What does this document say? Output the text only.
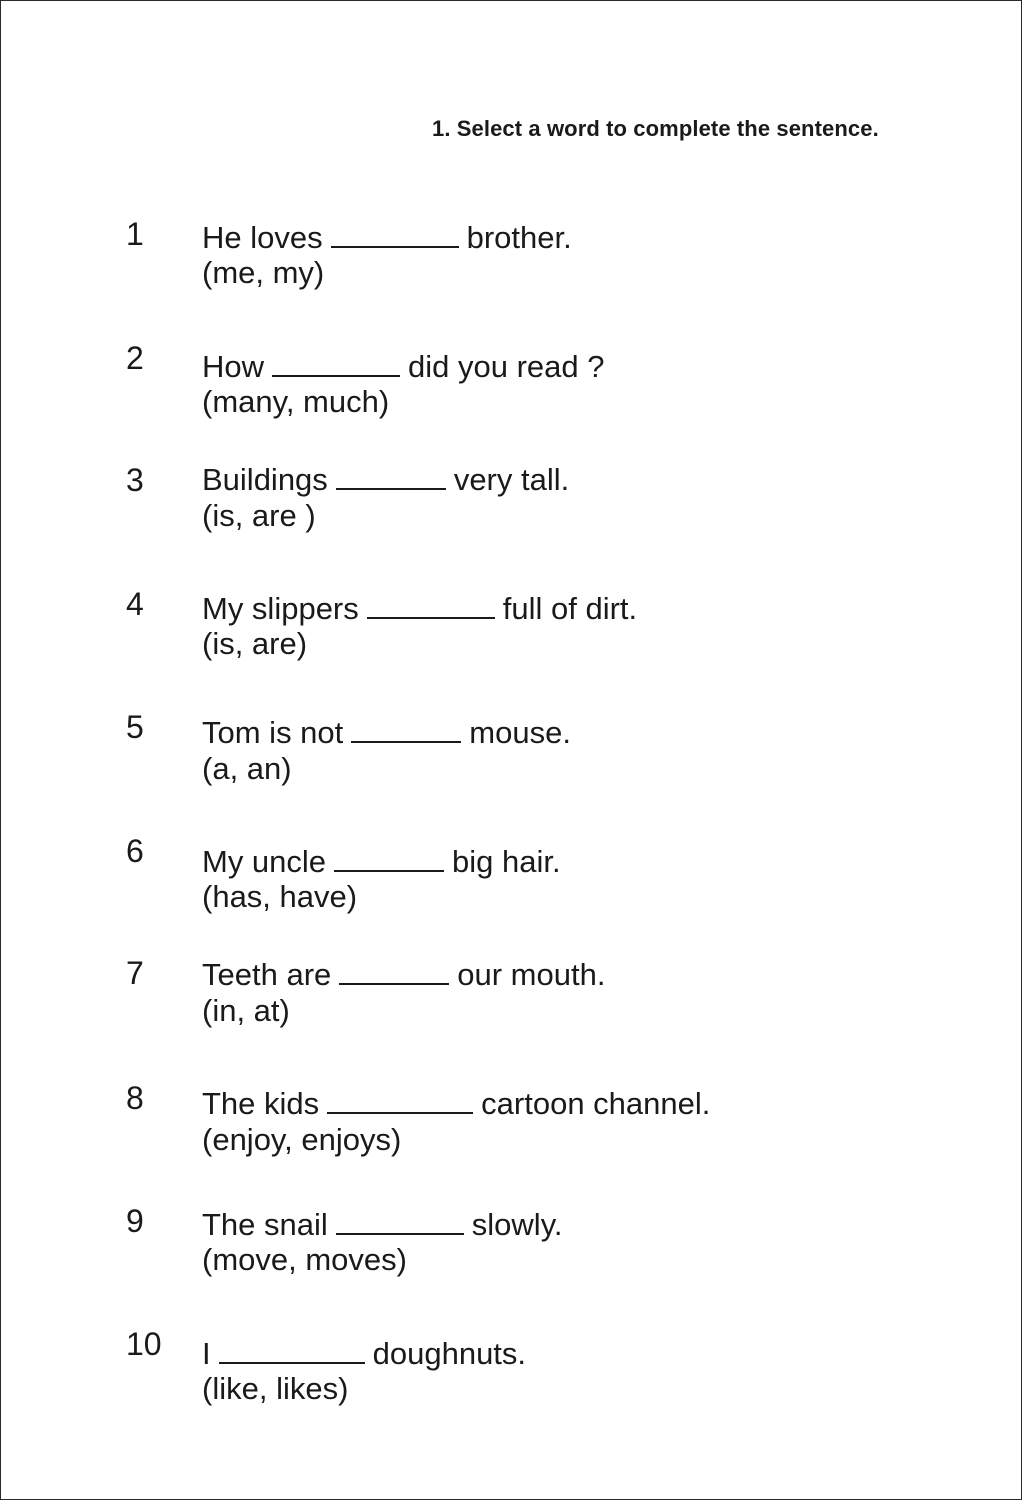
1. Select a word to complete the sentence.
1 He loves	brother.
(me, my)
2 How	did you read ?
(many, much)
3 Buildings	very tall.
(is, are )
4 My slippers	full of dirt.
(is, are)
5 Tom is not	mouse.
(a, an)
6 My uncle	big hair.
(has, have)
7 Teeth are	our mouth.
(in, at)
8 The kids	cartoon channel.
(enjoy, enjoys)
9 The snail	slowly.
(move, moves)
10 I	doughnuts.
(like, likes)
